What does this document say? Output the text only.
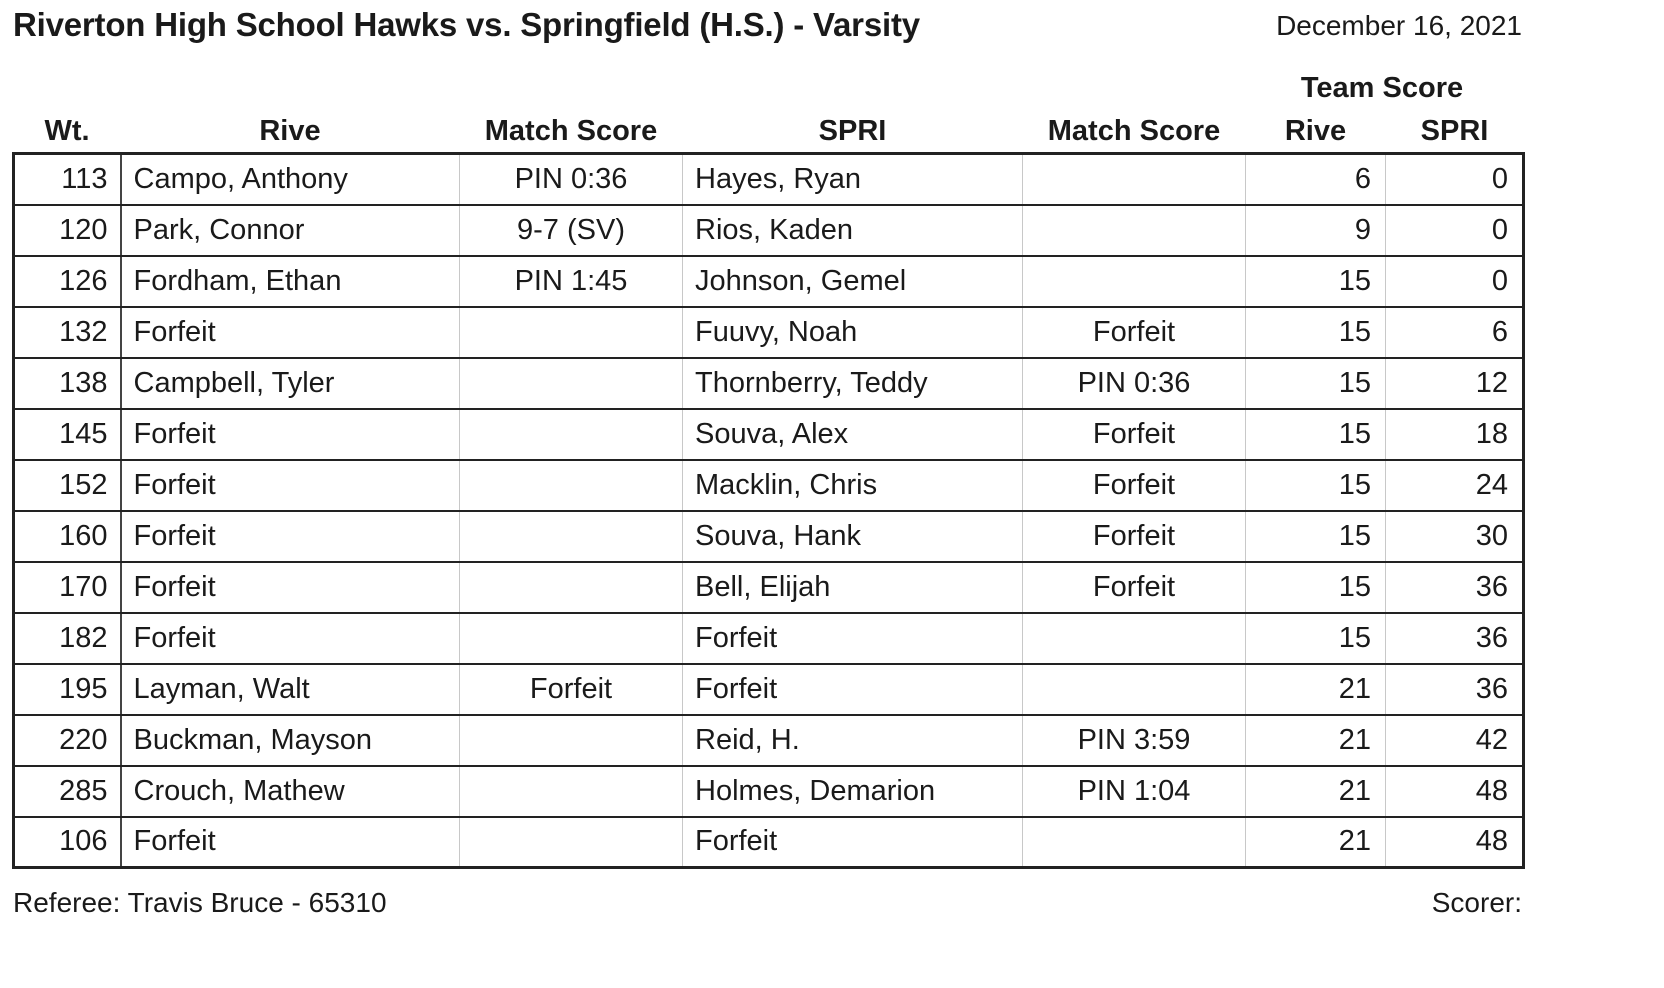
Riverton High School Hawks vs. Springfield (H.S.) - Varsity	December 16, 2021
Team Score
Wt.	Rive	Match Score	SPRI	Match Score	Rive	SPRI
113	Campo, Anthony	PIN 0:36	Hayes, Ryan		6	0
120	Park, Connor	9-7 (SV)	Rios, Kaden		9	0
126	Fordham, Ethan	PIN 1:45	Johnson, Gemel		15	0
132	Forfeit		Fuuvy, Noah	Forfeit	15	6
138	Campbell, Tyler		Thornberry, Teddy	PIN 0:36	15	12
145	Forfeit		Souva, Alex	Forfeit	15	18
152	Forfeit		Macklin, Chris	Forfeit	15	24
160	Forfeit		Souva, Hank	Forfeit	15	30
170	Forfeit		Bell, Elijah	Forfeit	15	36
182	Forfeit		Forfeit		15	36
195	Layman, Walt	Forfeit	Forfeit		21	36
220	Buckman, Mayson		Reid, H.	PIN 3:59	21	42
285	Crouch, Mathew		Holmes, Demarion	PIN 1:04	21	48
106	Forfeit		Forfeit		21	48
Referee: Travis Bruce - 65310	Scorer:
